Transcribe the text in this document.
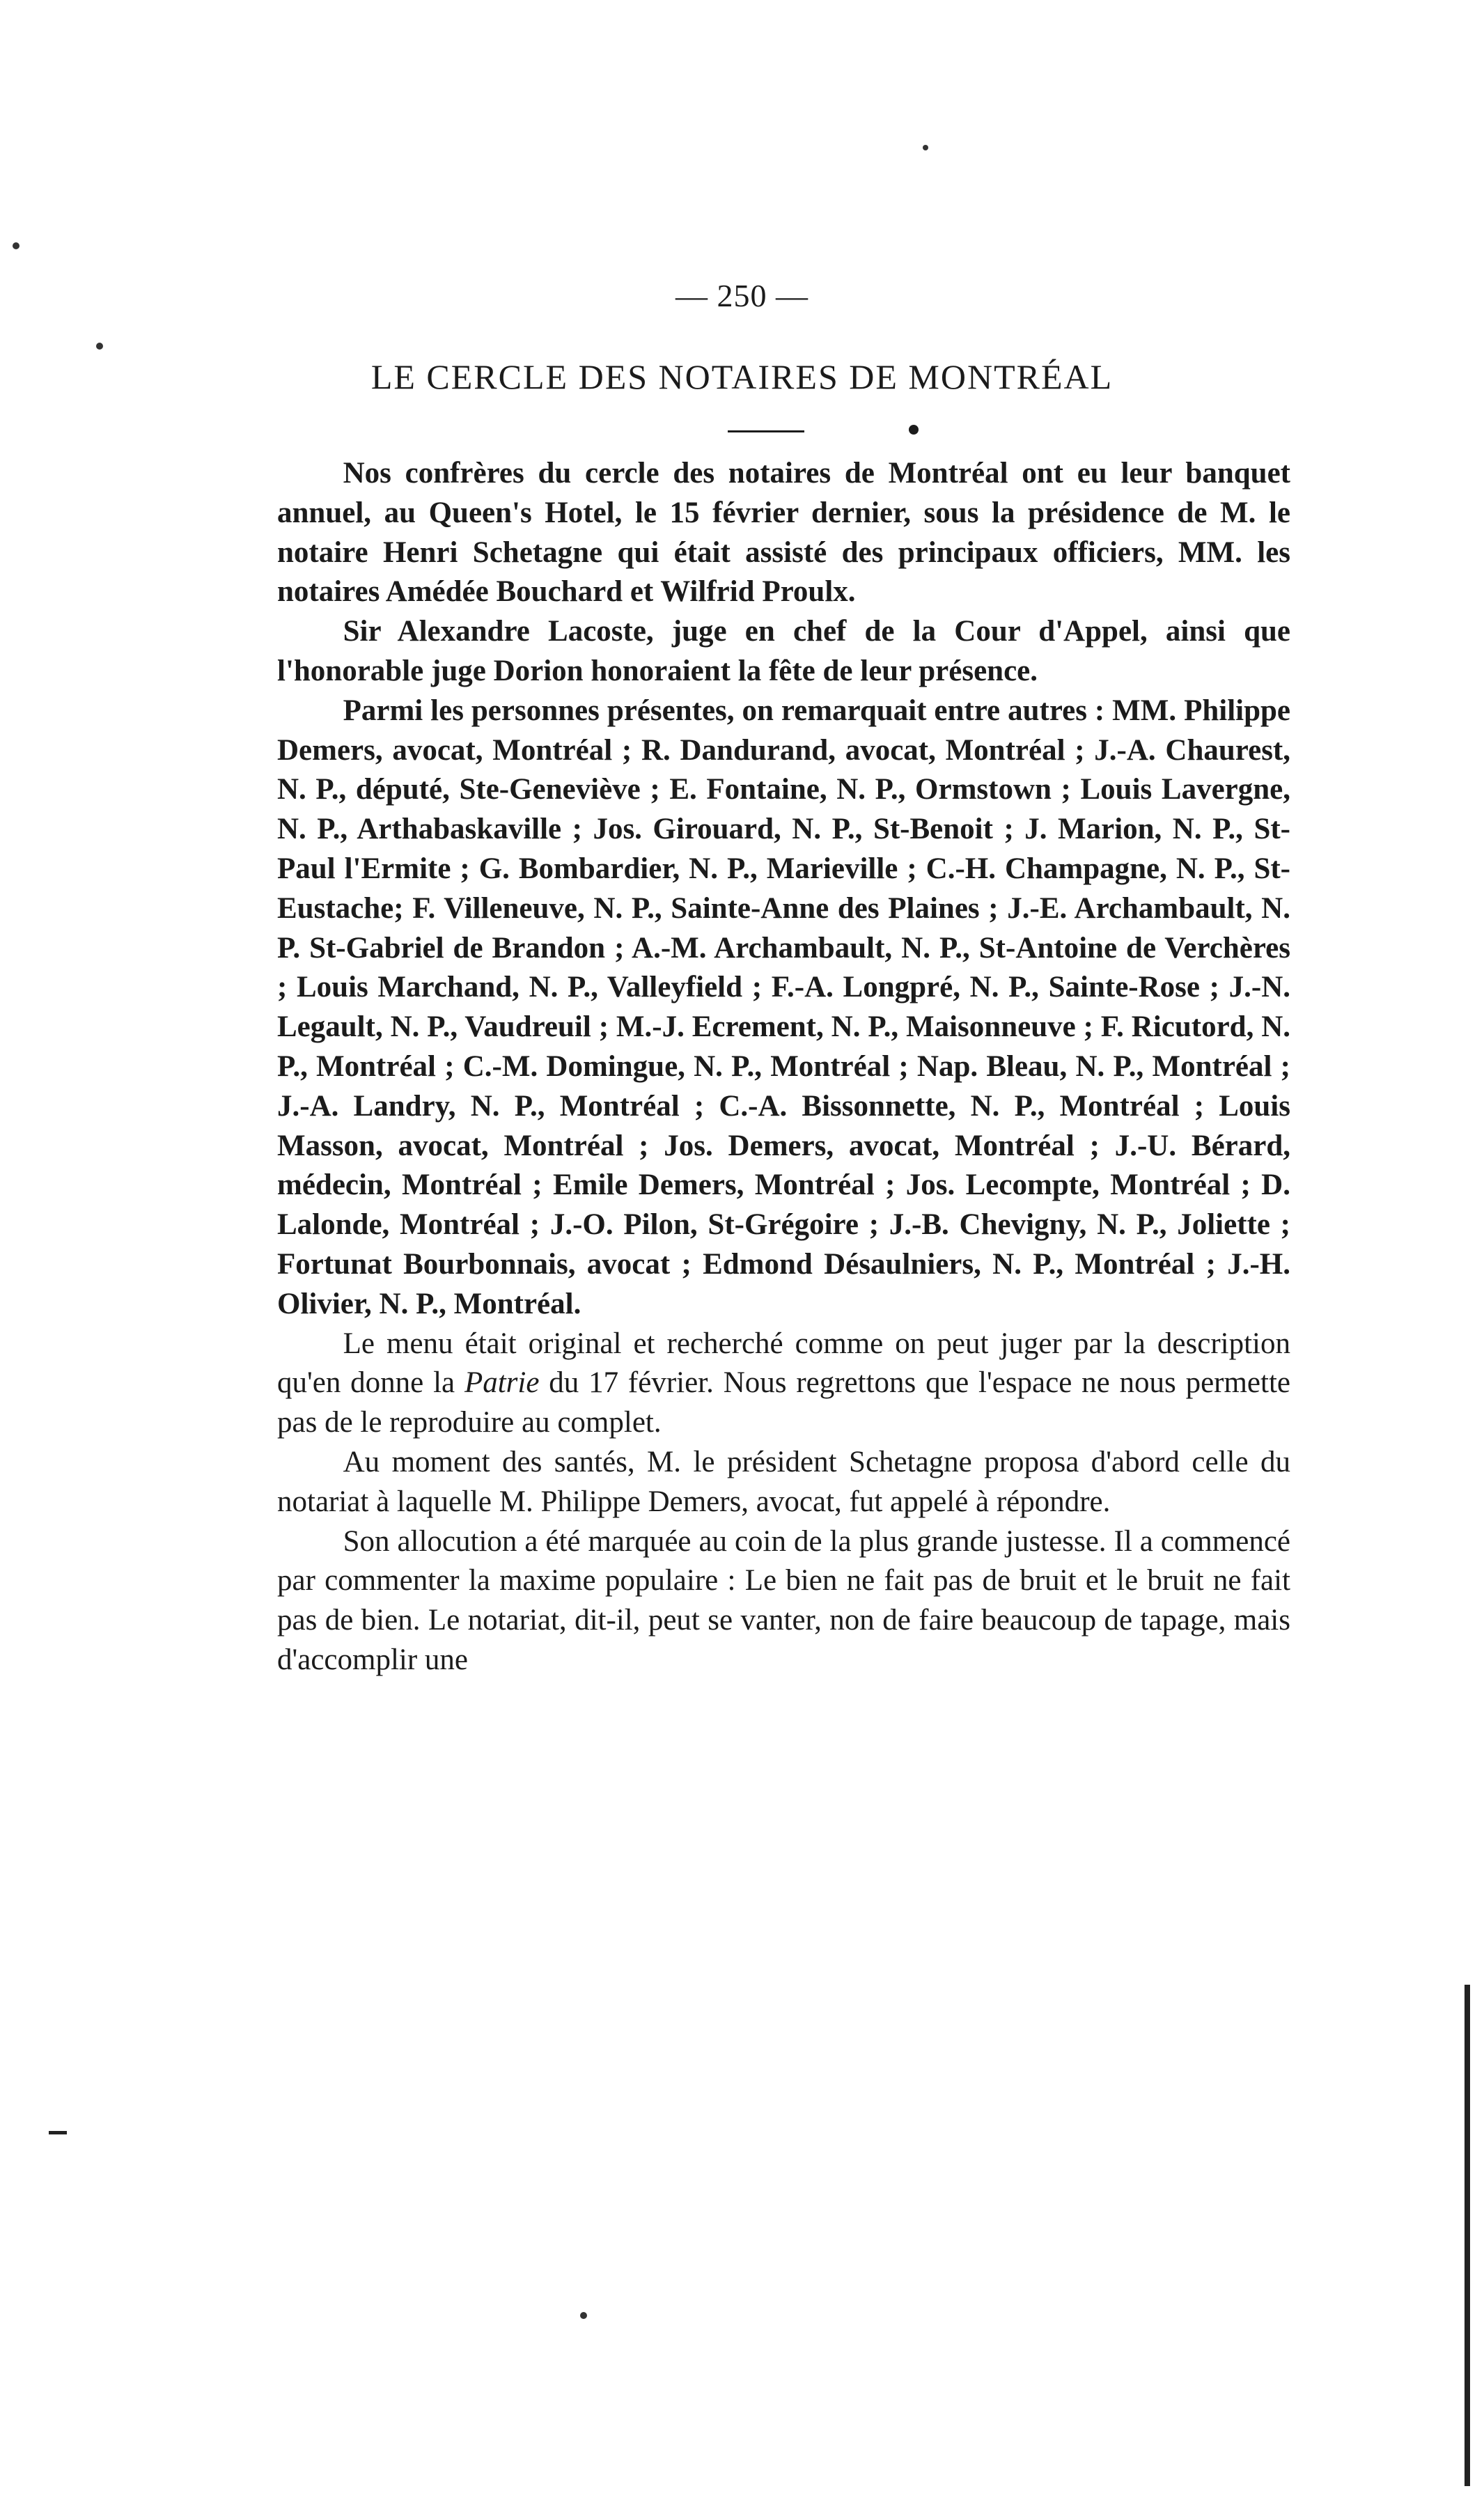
— 250 —
LE CERCLE DES NOTAIRES DE MONTRÉAL

Nos confrères du cercle des notaires de Montréal ont eu leur banquet annuel, au Queen's Hotel, le 15 février dernier, sous la présidence de M. le notaire Henri Schetagne qui était assisté des principaux officiers, MM. les notaires Amédée Bouchard et Wilfrid Proulx.

Sir Alexandre Lacoste, juge en chef de la Cour d'Appel, ainsi que l'honorable juge Dorion honoraient la fête de leur présence.

Parmi les personnes présentes, on remarquait entre autres : MM. Philippe Demers, avocat, Montréal ; R. Dandurand, avocat, Montréal ; J.-A. Chaurest, N. P., député, Ste-Geneviève ; E. Fontaine, N. P., Ormstown ; Louis Lavergne, N. P., Arthabaskaville ; Jos. Girouard, N. P., St-Benoit ; J. Marion, N. P., St-Paul l'Ermite ; G. Bombardier, N. P., Marieville ; C.-H. Champagne, N. P., St-Eustache; F. Villeneuve, N. P., Sainte-Anne des Plaines ; J.-E. Archambault, N. P. St-Gabriel de Brandon ; A.-M. Archambault, N. P., St-Antoine de Verchères ; Louis Marchand, N. P., Valleyfield ; F.-A. Longpré, N. P., Sainte-Rose ; J.-N. Legault, N. P., Vaudreuil ; M.-J. Ecrement, N. P., Maisonneuve ; F. Ricutord, N. P., Montréal ; C.-M. Domingue, N. P., Montréal ; Nap. Bleau, N. P., Montréal ; J.-A. Landry, N. P., Montréal ; C.-A. Bissonnette, N. P., Montréal ; Louis Masson, avocat, Montréal ; Jos. Demers, avocat, Montréal ; J.-U. Bérard, médecin, Montréal ; Emile Demers, Montréal ; Jos. Lecompte, Montréal ; D. Lalonde, Montréal ; J.-O. Pilon, St-Grégoire ; J.-B. Chevigny, N. P., Joliette ; Fortunat Bourbonnais, avocat ; Edmond Désaulniers, N. P., Montréal ; J.-H. Olivier, N. P., Montréal.

Le menu était original et recherché comme on peut juger par la description qu'en donne la Patrie du 17 février. Nous regrettons que l'espace ne nous permette pas de le reproduire au complet.

Au moment des santés, M. le président Schetagne proposa d'abord celle du notariat à laquelle M. Philippe Demers, avocat, fut appelé à répondre.

Son allocution a été marquée au coin de la plus grande justesse. Il a commencé par commenter la maxime populaire : Le bien ne fait pas de bruit et le bruit ne fait pas de bien. Le notariat, dit-il, peut se vanter, non de faire beaucoup de tapage, mais d'accomplir une
